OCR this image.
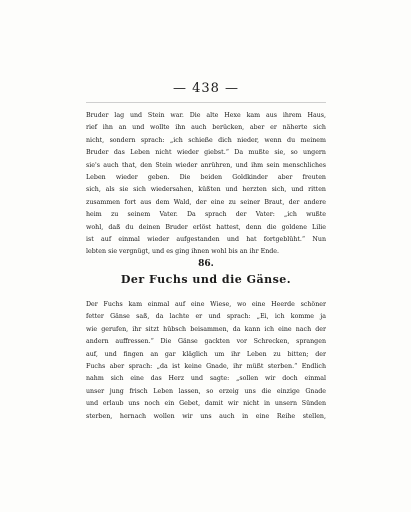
— 438 —
Bruder lag und Stein war. Die alte Hexe kam aus ihrem Haus,
rief ihn an und wollte ihn auch berücken, aber er näherte sich
nicht, sondern sprach: „ich schieße dich nieder, wenn du meinem
Bruder das Leben nicht wieder giebst.“ Da mußte sie, so ungern
sie's auch that, den Stein wieder anrühren, und ihm sein menschliches
Leben wieder geben. Die beiden Goldkinder aber freuten
sich, als sie sich wiedersahen, küßten und herzten sich, und ritten
zusammen fort aus dem Wald, der eine zu seiner Braut, der andere
heim zu seinem Vater. Da sprach der Vater: „ich wußte
wohl, daß du deinen Bruder erlöst hattest, denn die goldene Lilie
ist auf einmal wieder aufgestanden und hat fortgeblüht.“ Nun
lebten sie vergnügt, und es ging ihnen wohl bis an ihr Ende.
86.
Der Fuchs und die Gänse.
Der Fuchs kam einmal auf eine Wiese, wo eine Heerde schöner
fetter Gänse saß, da lachte er und sprach: „Ei, ich komme ja
wie gerufen, ihr sitzt hübsch beisammen, da kann ich eine nach der
andern auffressen.“ Die Gänse gackten vor Schrecken, sprangen
auf, und fingen an gar kläglich um ihr Leben zu bitten; der
Fuchs aber sprach: „da ist keine Gnade, ihr müßt sterben.“ Endlich
nahm sich eine das Herz und sagte: „sollen wir doch einmal
unser jung frisch Leben lassen, so erzeig uns die einzige Gnade
und erlaub uns noch ein Gebet, damit wir nicht in unsern Sünden
sterben, hernach wollen wir uns auch in eine Reihe stellen,
